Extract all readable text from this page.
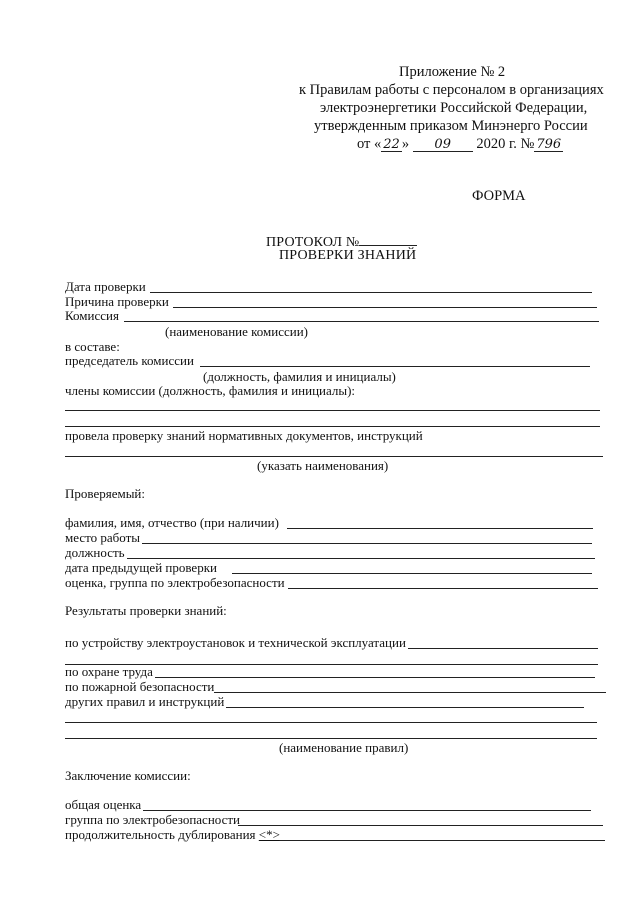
Приложение № 2
к Правилам работы с персоналом в организациях
электроэнергетики Российской Федерации,
утвержденным приказом Минэнерго России
от « 22 » 09 2020 г. № 796
ФОРМА
ПРОТОКОЛ №
ПРОВЕРКИ ЗНАНИЙ
Дата проверки
Причина проверки
Комиссия
(наименование комиссии)
в составе:
председатель комиссии
(должность, фамилия и инициалы)
члены комиссии (должность, фамилия и инициалы):
провела проверку знаний нормативных документов, инструкций
(указать наименования)
Проверяемый:
фамилия, имя, отчество (при наличии)
место работы
должность
дата предыдущей проверки
оценка, группа по электробезопасности
Результаты проверки знаний:
по устройству электроустановок и технической эксплуатации
по охране труда
по пожарной безопасности
других правил и инструкций
(наименование правил)
Заключение комиссии:
общая оценка
группа по электробезопасности
продолжительность дублирования <*>
